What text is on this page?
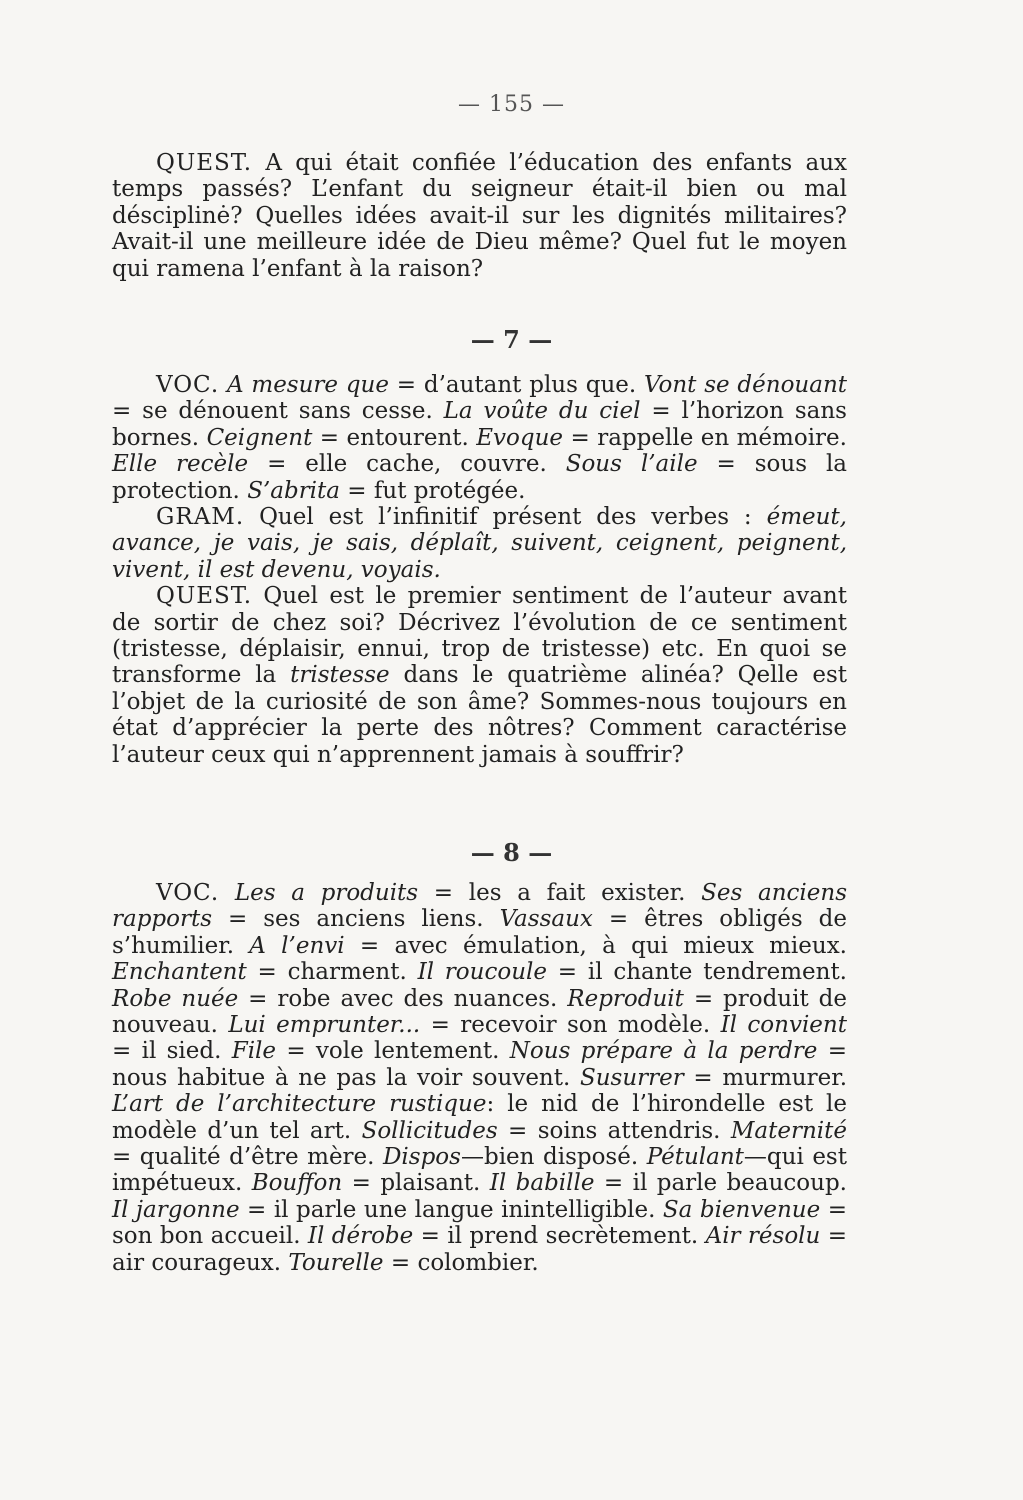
— 155 —

QUEST. A qui était confiée l’éducation des enfants aux temps passés? L’enfant du seigneur était-il bien ou mal désciplinė? Quelles idées avait-il sur les dignités militaires? Avait-il une meilleure idée de Dieu même? Quel fut le moyen qui ramena l’enfant à la raison?

— 7 —

VOC. A mesure que = d’autant plus que. Vont se dénouant = se dénouent sans cesse. La voûte du ciel = l’horizon sans bornes. Ceignent = entourent. Evoque = rappelle en mémoire. Elle recèle = elle cache, couvre. Sous l’aile = sous la protection. S’abrita = fut protégée.

GRAM. Quel est l’infinitif présent des verbes : émeut, avance, je vais, je sais, déplaît, suivent, ceignent, peignent, vivent, il est devenu, voyais.

QUEST. Quel est le premier sentiment de l’auteur avant de sortir de chez soi? Décrivez l’évolution de ce sentiment (tristesse, déplaisir, ennui, trop de tristesse) etc. En quoi se transforme la tristesse dans le quatrième alinéa? Qelle est l’objet de la curiosité de son âme? Sommes-nous toujours en état d’apprécier la perte des nôtres? Comment caractérise l’auteur ceux qui n’apprennent jamais à souffrir?

— 8 —

VOC. Les a produits = les a fait exister. Ses anciens rapports = ses anciens liens. Vassaux = êtres obligés de s’humilier. A l’envi = avec émulation, à qui mieux mieux. Enchantent = charment. Il roucoule = il chante tendrement. Robe nuée = robe avec des nuances. Reproduit = produit de nouveau. Lui emprunter... = recevoir son modèle. Il convient = il sied. File = vole lentement. Nous prépare à la perdre = nous habitue à ne pas la voir souvent. Susurrer = murmurer. L’art de l’architecture rustique: le nid de l’hirondelle est le modèle d’un tel art. Sollicitudes = soins attendris. Maternité = qualité d’être mère. Dispos—bien disposé. Pétulant—qui est impétueux. Bouffon = plaisant. Il babille = il parle beaucoup. Il jargonne = il parle une langue inintelligible. Sa bienvenue = son bon accueil. Il dérobe = il prend secrètement. Air résolu = air courageux. Tourelle = colombier.
